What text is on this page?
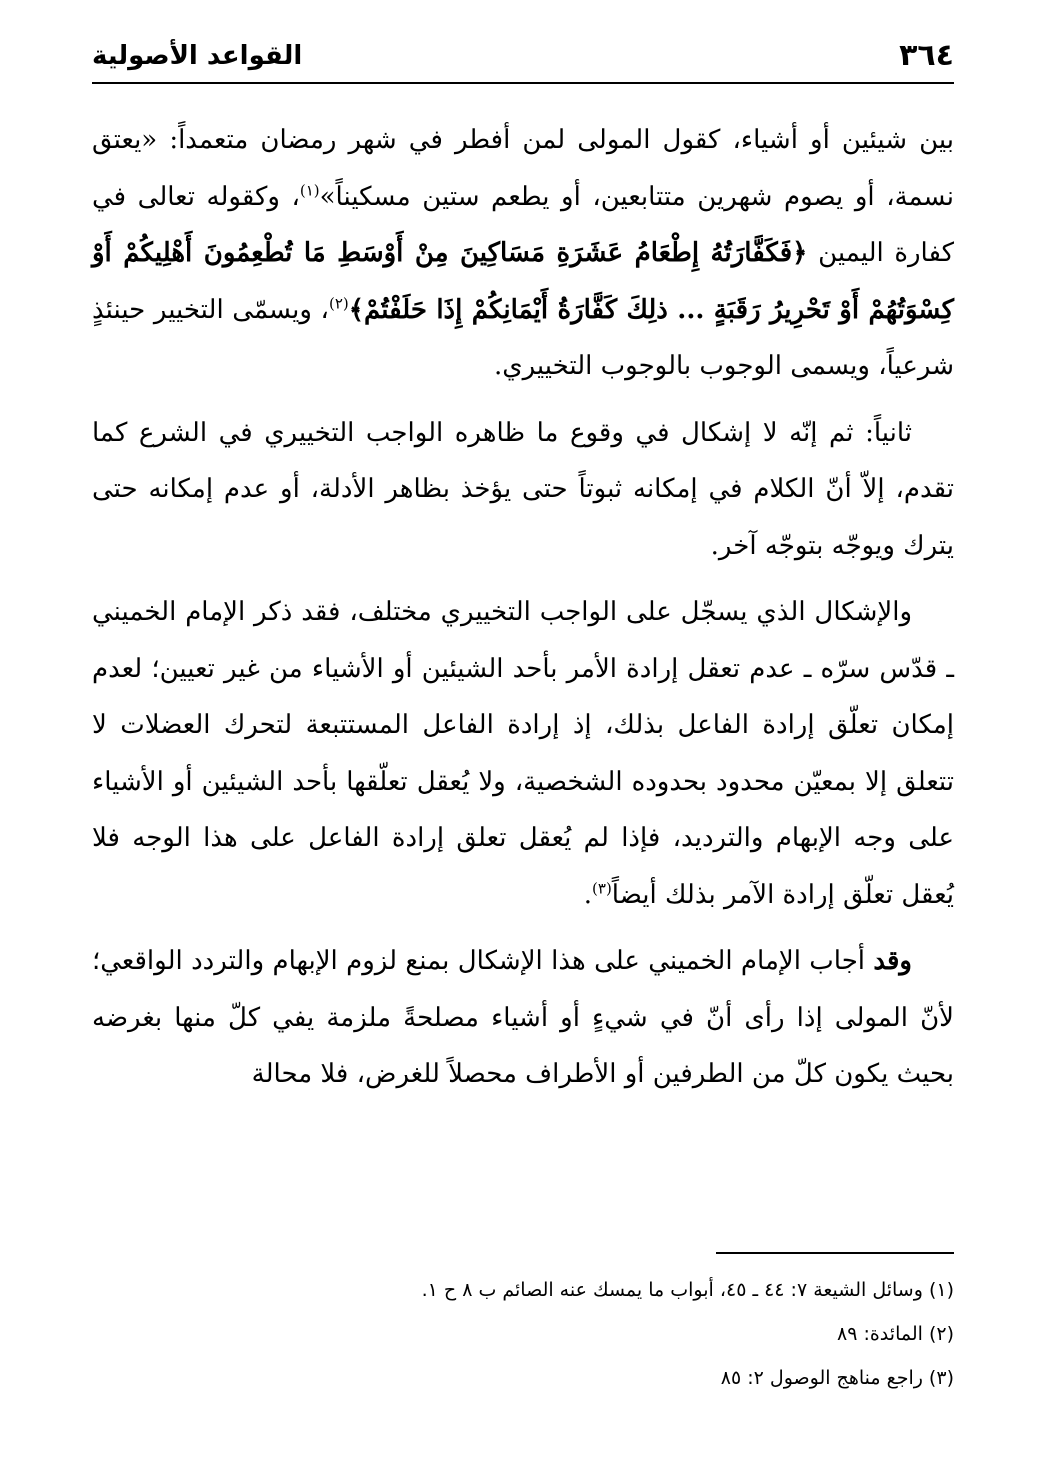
٣٦٤
القواعد الأصولية

بين شيئين أو أشياء، كقول المولى لمن أفطر في شهر رمضان متعمداً: «يعتق نسمة، أو يصوم شهرين متتابعين، أو يطعم ستين مسكيناً»$^{(١)}$، وكقوله تعالى في كفارة اليمين ﴿فَكَفَّارَتُهُ إِطْعَامُ عَشَرَةِ مَسَاكِينَ مِنْ أَوْسَطِ مَا تُطْعِمُونَ أَهْلِيكُمْ أَوْ كِسْوَتُهُمْ أَوْ تَحْرِيرُ رَقَبَةٍ ... ذلِكَ كَفَّارَةُ أَيْمَانِكُمْ إِذَا حَلَفْتُمْ﴾$^{(٢)}$، ويسمّى التخيير حينئذٍ شرعياً، ويسمى الوجوب بالوجوب التخييري.

ثانياً: ثم إنّه لا إشكال في وقوع ما ظاهره الواجب التخييري في الشرع كما تقدم، إلاّ أنّ الكلام في إمكانه ثبوتاً حتى يؤخذ بظاهر الأدلة، أو عدم إمكانه حتى يترك ويوجّه بتوجّه آخر.

والإشكال الذي يسجّل على الواجب التخييري مختلف، فقد ذكر الإمام الخميني ـ قدّس سرّه ـ عدم تعقل إرادة الأمر بأحد الشيئين أو الأشياء من غير تعيين؛ لعدم إمكان تعلّق إرادة الفاعل بذلك، إذ إرادة الفاعل المستتبعة لتحرك العضلات لا تتعلق إلا بمعيّن محدود بحدوده الشخصية، ولا يُعقل تعلّقها بأحد الشيئين أو الأشياء على وجه الإبهام والترديد، فإذا لم يُعقل تعلق إرادة الفاعل على هذا الوجه فلا يُعقل تعلّق إرادة الآمر بذلك أيضاً$^{(٣)}$.

وقد أجاب الإمام الخميني على هذا الإشكال بمنع لزوم الإبهام والتردد الواقعي؛ لأنّ المولى إذا رأى أنّ في شيءٍ أو أشياء مصلحةً ملزمة يفي كلّ منها بغرضه بحيث يكون كلّ من الطرفين أو الأطراف محصلاً للغرض، فلا محالة

(١) وسائل الشيعة ٧: ٤٤ ـ ٤٥، أبواب ما يمسك عنه الصائم ب ٨ ح ١.
(٢) المائدة: ٨٩
(٣) راجع مناهج الوصول ٢: ٨٥
